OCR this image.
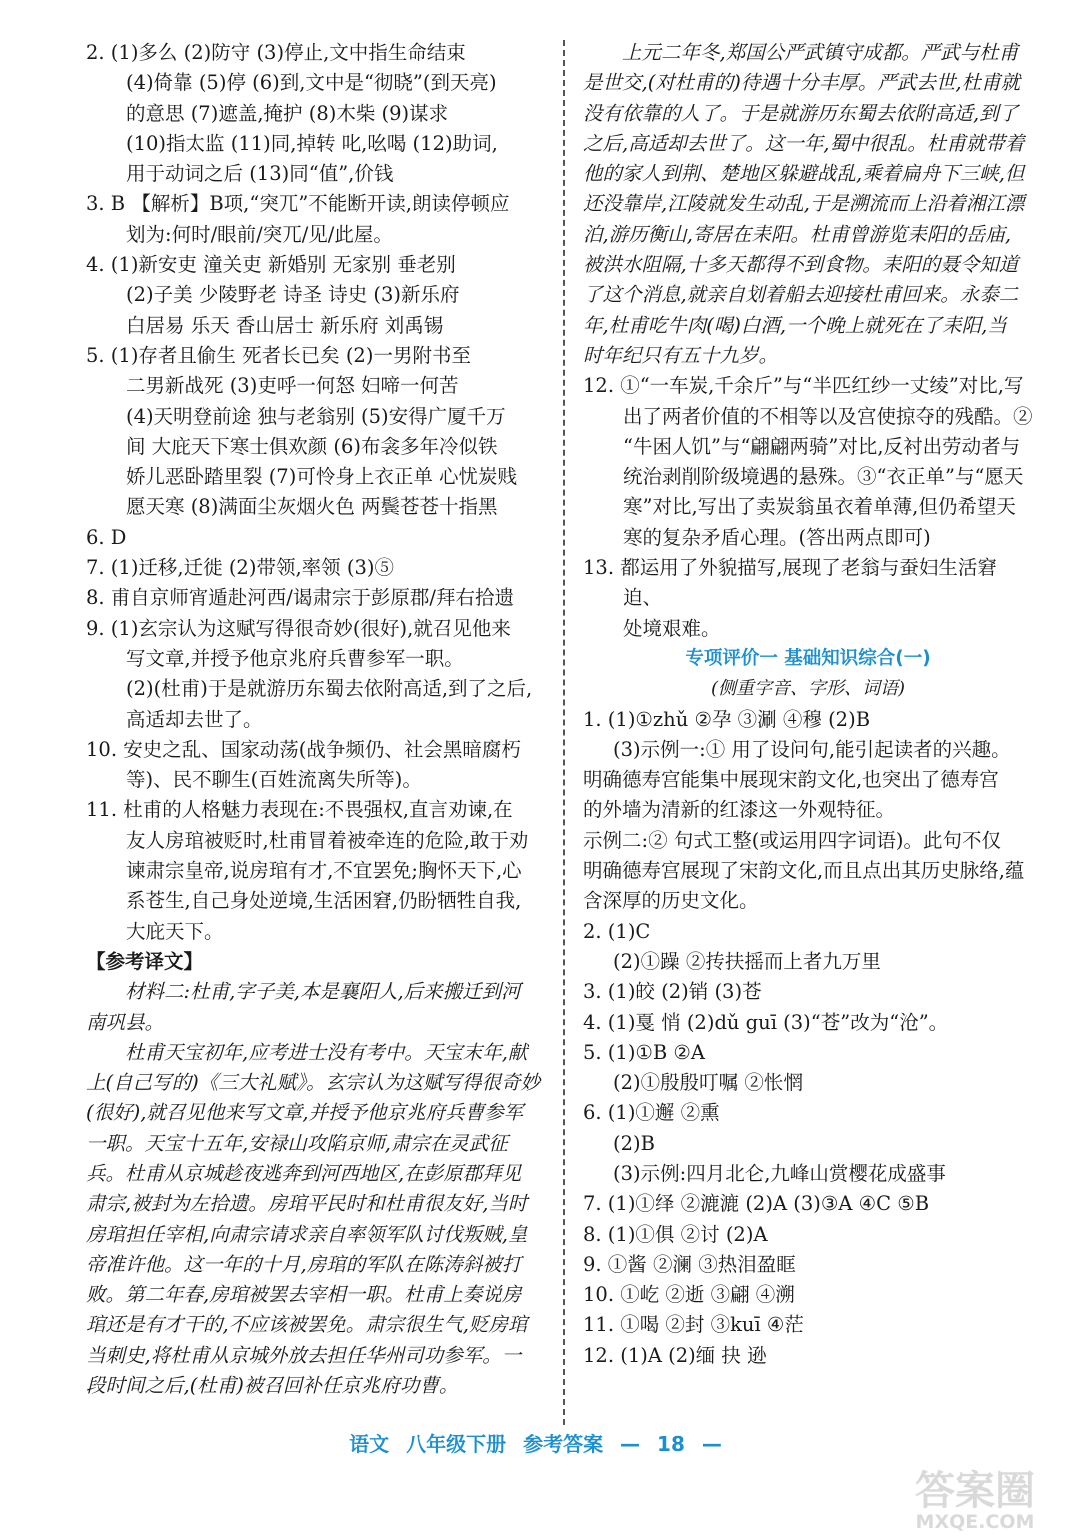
2. (1)多么 (2)防守 (3)停止,文中指生命结束

(4)倚靠 (5)停 (6)到,文中是“彻晓”(到天亮)

的意思 (7)遮盖,掩护 (8)木柴 (9)谋求

(10)指太监 (11)同,掉转 叱,吆喝 (12)助词,

用于动词之后 (13)同“值”,价钱

3. B 【解析】B项,“突兀”不能断开读,朗读停顿应

划为:何时/眼前/突兀/见/此屋。

4. (1)新安吏 潼关吏 新婚别 无家别 垂老别

(2)子美 少陵野老 诗圣 诗史 (3)新乐府

白居易 乐天 香山居士 新乐府 刘禹锡

5. (1)存者且偷生 死者长已矣 (2)一男附书至

二男新战死 (3)吏呼一何怒 妇啼一何苦

(4)天明登前途 独与老翁别 (5)安得广厦千万

间 大庇天下寒士俱欢颜 (6)布衾多年冷似铁

娇儿恶卧踏里裂 (7)可怜身上衣正单 心忧炭贱

愿天寒 (8)满面尘灰烟火色 两鬓苍苍十指黑

6. D

7. (1)迁移,迁徙 (2)带领,率领 (3)⑤

8. 甫自京师宵遁赴河西/谒肃宗于彭原郡/拜右拾遗

9. (1)玄宗认为这赋写得很奇妙(很好),就召见他来

写文章,并授予他京兆府兵曹参军一职。

(2)(杜甫)于是就游历东蜀去依附高适,到了之后,

高适却去世了。

10. 安史之乱、国家动荡(战争频仍、社会黑暗腐朽

等)、民不聊生(百姓流离失所等)。

11. 杜甫的人格魅力表现在:不畏强权,直言劝谏,在

友人房琯被贬时,杜甫冒着被牵连的危险,敢于劝

谏肃宗皇帝,说房琯有才,不宜罢免;胸怀天下,心

系苍生,自己身处逆境,生活困窘,仍盼牺牲自我,

大庇天下。

【参考译文】

材料二:杜甫,字子美,本是襄阳人,后来搬迁到河

南巩县。

杜甫天宝初年,应考进士没有考中。天宝末年,献

上(自己写的)《三大礼赋》。玄宗认为这赋写得很奇妙

(很好),就召见他来写文章,并授予他京兆府兵曹参军

一职。天宝十五年,安禄山攻陷京师,肃宗在灵武征

兵。杜甫从京城趁夜逃奔到河西地区,在彭原郡拜见

肃宗,被封为左拾遗。房琯平民时和杜甫很友好,当时

房琯担任宰相,向肃宗请求亲自率领军队讨伐叛贼,皇

帝准许他。这一年的十月,房琯的军队在陈涛斜被打

败。第二年春,房琯被罢去宰相一职。杜甫上奏说房

琯还是有才干的,不应该被罢免。肃宗很生气,贬房琯

当刺史,将杜甫从京城外放去担任华州司功参军。一

段时间之后,(杜甫)被召回补任京兆府功曹。

上元二年冬,郑国公严武镇守成都。严武与杜甫

是世交,(对杜甫的)待遇十分丰厚。严武去世,杜甫就

没有依靠的人了。于是就游历东蜀去依附高适,到了

之后,高适却去世了。这一年,蜀中很乱。杜甫就带着

他的家人到荆、楚地区躲避战乱,乘着扁舟下三峡,但

还没靠岸,江陵就发生动乱,于是溯流而上沿着湘江漂

泊,游历衡山,寄居在耒阳。杜甫曾游览耒阳的岳庙,

被洪水阻隔,十多天都得不到食物。耒阳的聂令知道

了这个消息,就亲自划着船去迎接杜甫回来。永泰二

年,杜甫吃牛肉(喝)白酒,一个晚上就死在了耒阳,当

时年纪只有五十九岁。

12. ①“一车炭,千余斤”与“半匹红纱一丈绫”对比,写

出了两者价值的不相等以及宫使掠夺的残酷。②

“牛困人饥”与“翩翩两骑”对比,反衬出劳动者与

统治剥削阶级境遇的悬殊。③“衣正单”与“愿天

寒”对比,写出了卖炭翁虽衣着单薄,但仍希望天

寒的复杂矛盾心理。(答出两点即可)

13. 都运用了外貌描写,展现了老翁与蚕妇生活窘迫、

处境艰难。

专项评价一 基础知识综合(一)

(侧重字音、字形、词语)

1. (1)①zhǔ ②孕 ③涮 ④穆 (2)B

(3)示例一:① 用了设问句,能引起读者的兴趣。

明确德寿宫能集中展现宋韵文化,也突出了德寿宫

的外墙为清新的红漆这一外观特征。

示例二:② 句式工整(或运用四字词语)。此句不仅

明确德寿宫展现了宋韵文化,而且点出其历史脉络,蕴

含深厚的历史文化。

2. (1)C

(2)①躁 ②抟扶摇而上者九万里

3. (1)皎 (2)销 (3)苍

4. (1)戛 悄 (2)dǔ guī (3)“苍”改为“沧”。

5. (1)①B ②A

(2)①殷殷叮嘱 ②怅惘

6. (1)①邂 ②熏

(2)B

(3)示例:四月北仑,九峰山赏樱花成盛事

7. (1)①绎 ②漉漉 (2)A (3)③A ④C ⑤B

8. (1)①俱 ②讨 (2)A

9. ①酱 ②澜 ③热泪盈眶

10. ①屹 ②逝 ③翩 ④溯

11. ①喝 ②封 ③kuī ④茫

12. (1)A (2)缅 抉 逊

语文 八年级下册 参考答案 — 18 —
答案圈
MXQE.COM
